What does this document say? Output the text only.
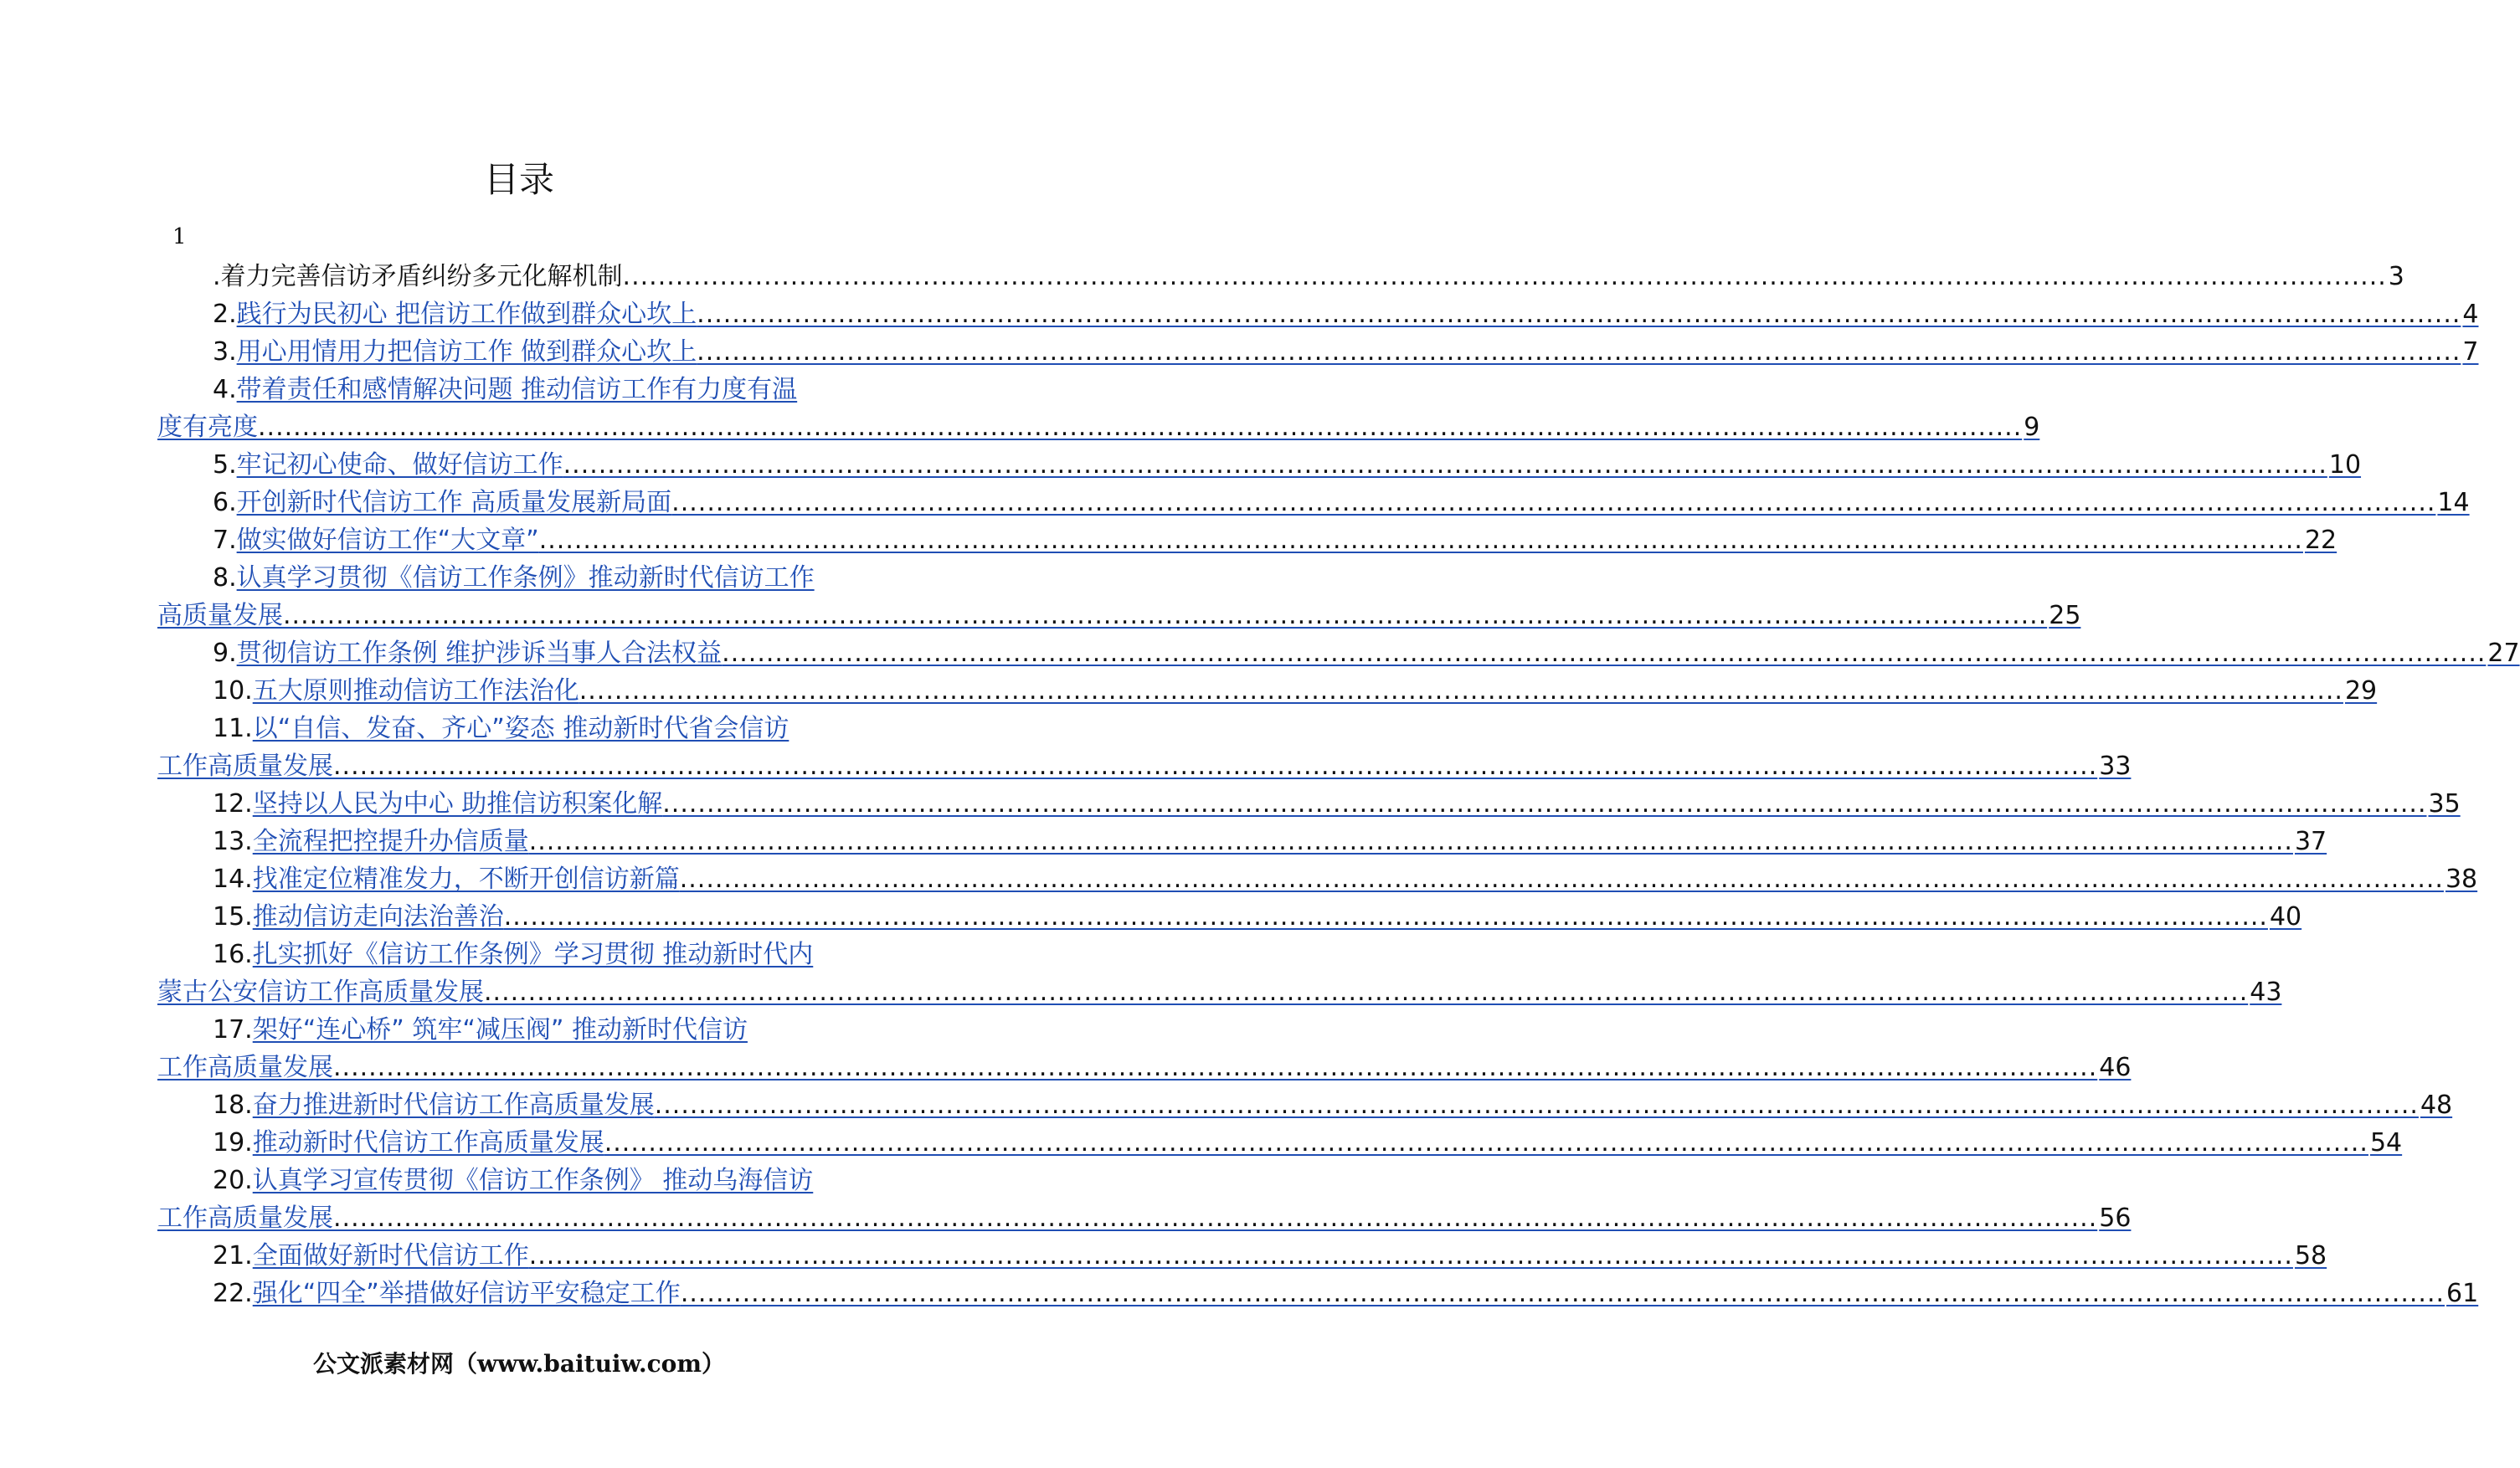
目录
1
.着力完善信访矛盾纠纷多元化解机制 ........................................................................................................................................................................................................ 3
2. 践行为民初心 把信访工作做到群众心坎上 ........................................................................................................................................................................................................ 4
3. 用心用情用力把信访工作 做到群众心坎上 ........................................................................................................................................................................................................ 7
4. 带着责任和感情解决问题 推动信访工作有力度有温
度有亮度 ........................................................................................................................................................................................................ 9
5. 牢记初心使命、做好信访工作 ........................................................................................................................................................................................................ 10
6. 开创新时代信访工作 高质量发展新局面 ........................................................................................................................................................................................................ 14
7. 做实做好信访工作“大文章” ........................................................................................................................................................................................................ 22
8. 认真学习贯彻《信访工作条例》推动新时代信访工作
高质量发展 ........................................................................................................................................................................................................ 25
9. 贯彻信访工作条例 维护涉诉当事人合法权益 ........................................................................................................................................................................................................ 27
10. 五大原则推动信访工作法治化 ........................................................................................................................................................................................................ 29
11. 以“自信、发奋、齐心”姿态 推动新时代省会信访
工作高质量发展 ........................................................................................................................................................................................................ 33
12. 坚持以人民为中心 助推信访积案化解 ........................................................................................................................................................................................................ 35
13. 全流程把控提升办信质量 ........................................................................................................................................................................................................ 37
14. 找准定位精准发力，不断开创信访新篇 ........................................................................................................................................................................................................ 38
15. 推动信访走向法治善治 ........................................................................................................................................................................................................ 40
16. 扎实抓好《信访工作条例》学习贯彻 推动新时代内
蒙古公安信访工作高质量发展 ........................................................................................................................................................................................................ 43
17. 架好“连心桥” 筑牢“减压阀” 推动新时代信访
工作高质量发展 ........................................................................................................................................................................................................ 46
18. 奋力推进新时代信访工作高质量发展 ........................................................................................................................................................................................................ 48
19. 推动新时代信访工作高质量发展 ........................................................................................................................................................................................................ 54
20. 认真学习宣传贯彻《信访工作条例》 推动乌海信访
工作高质量发展 ........................................................................................................................................................................................................ 56
21. 全面做好新时代信访工作 ........................................................................................................................................................................................................ 58
22. 强化“四全”举措做好信访平安稳定工作 ........................................................................................................................................................................................................ 61
公文派素材网（www.baituiw.com）
